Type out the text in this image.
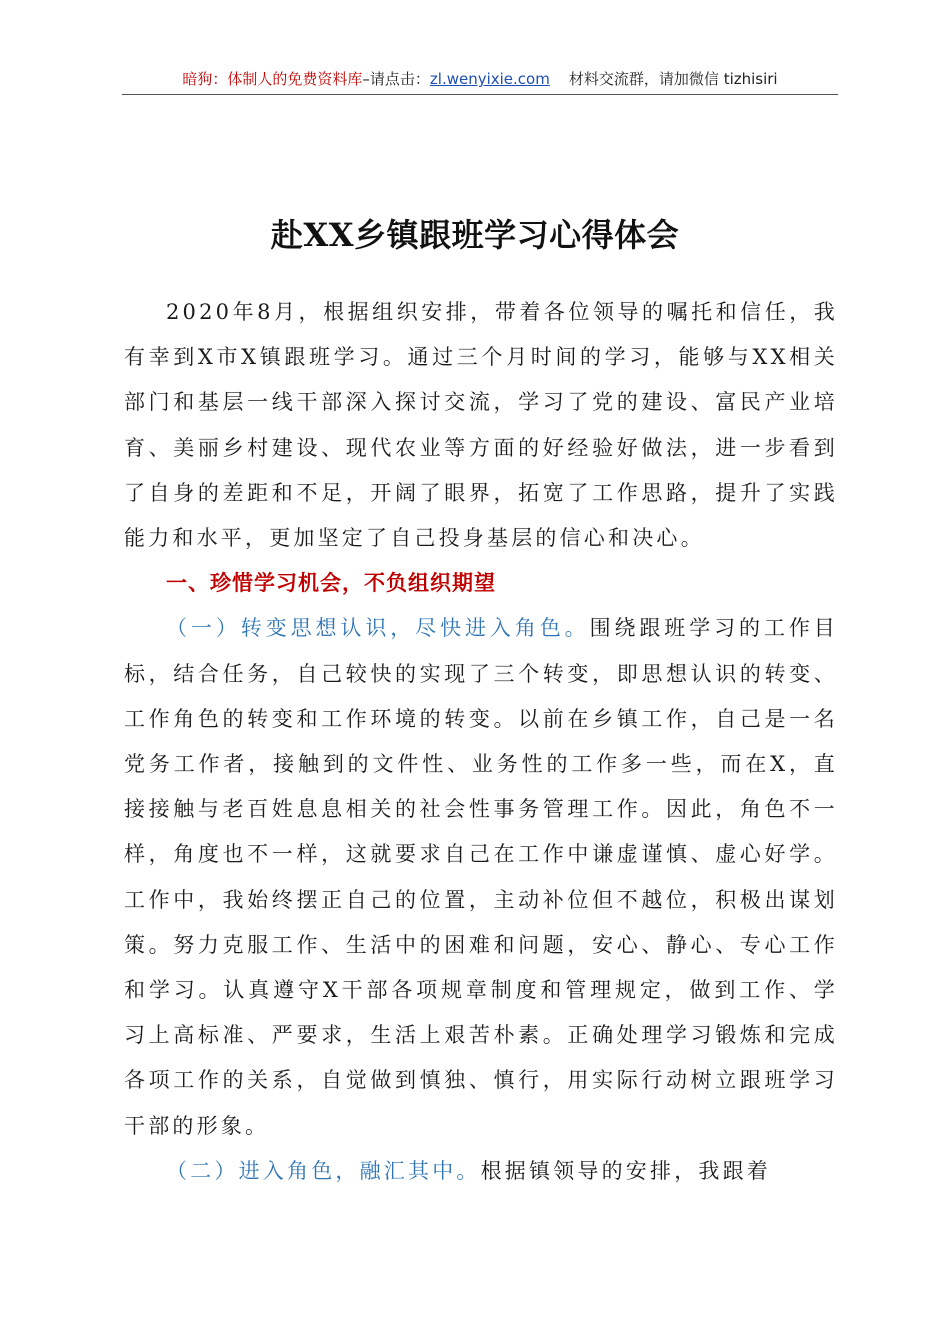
暗狗：体制人的免费资料库–请点击：zl.wenyixie.com 材料交流群，请加微信 tizhisiri
赴XX乡镇跟班学习心得体会

2020年8月，根据组织安排，带着各位领导的嘱托和信任，我有幸到X市X镇跟班学习。通过三个月时间的学习，能够与XX相关部门和基层一线干部深入探讨交流，学习了党的建设、富民产业培育、美丽乡村建设、现代农业等方面的好经验好做法，进一步看到了自身的差距和不足，开阔了眼界，拓宽了工作思路，提升了实践能力和水平，更加坚定了自己投身基层的信心和决心。

一、珍惜学习机会，不负组织期望

（一）转变思想认识，尽快进入角色。围绕跟班学习的工作目标，结合任务，自己较快的实现了三个转变，即思想认识的转变、工作角色的转变和工作环境的转变。以前在乡镇工作，自己是一名党务工作者，接触到的文件性、业务性的工作多一些，而在X，直接接触与老百姓息息相关的社会性事务管理工作。因此，角色不一样，角度也不一样，这就要求自己在工作中谦虚谨慎、虚心好学。工作中，我始终摆正自己的位置，主动补位但不越位，积极出谋划策。努力克服工作、生活中的困难和问题，安心、静心、专心工作和学习。认真遵守X干部各项规章制度和管理规定，做到工作、学习上高标准、严要求，生活上艰苦朴素。正确处理学习锻炼和完成各项工作的关系，自觉做到慎独、慎行，用实际行动树立跟班学习干部的形象。

（二）进入角色，融汇其中。根据镇领导的安排，我跟着
